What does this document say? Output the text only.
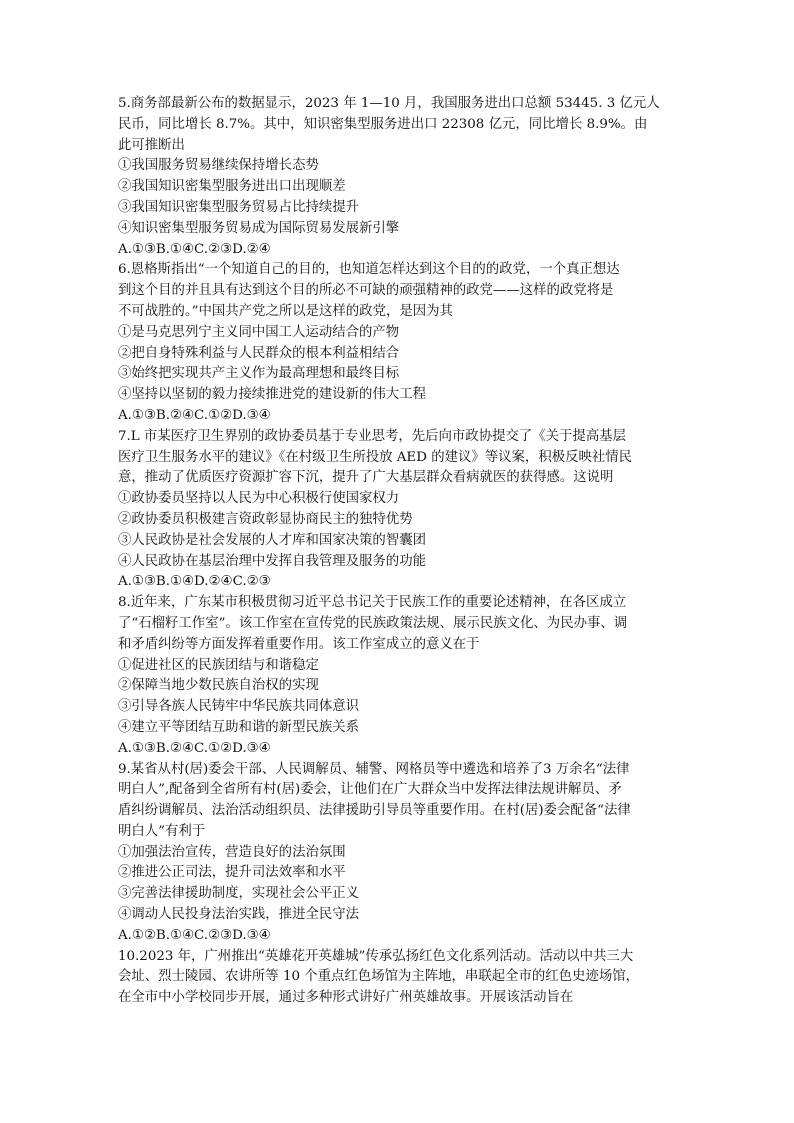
5.商务部最新公布的数据显示，2023 年 1—10 月，我国服务进出口总额 53445. 3 亿元人
民币，同比增长 8.7%。其中，知识密集型服务进出口 22308 亿元，同比增长 8.9%。由
此可推断出
①我国服务贸易继续保持增长态势
②我国知识密集型服务进出口出现顺差
③我国知识密集型服务贸易占比持续提升
④知识密集型服务贸易成为国际贸易发展新引擎
A.①③B.①④C.②③D.②④
6.恩格斯指出“一个知道自己的目的，也知道怎样达到这个目的的政党，一个真正想达
到这个目的并且具有达到这个目的所必不可缺的顽强精神的政党——这样的政党将是
不可战胜的。”中国共产党之所以是这样的政党，是因为其
①是马克思列宁主义同中国工人运动结合的产物
②把自身特殊利益与人民群众的根本利益相结合
③始终把实现共产主义作为最高理想和最终目标
④坚持以坚韧的毅力接续推进党的建设新的伟大工程
A.①③B.②④C.①②D.③④
7.L 市某医疗卫生界别的政协委员基于专业思考，先后向市政协提交了《关于提高基层
医疗卫生服务水平的建议》《在村级卫生所投放 AED 的建议》等议案，积极反映社情民
意，推动了优质医疗资源扩容下沉，提升了广大基层群众看病就医的获得感。这说明
①政协委员坚持以人民为中心积极行使国家权力
②政协委员积极建言资政彰显协商民主的独特优势
③人民政协是社会发展的人才库和国家决策的智囊团
④人民政协在基层治理中发挥自我管理及服务的功能
A.①③B.①④D.②④C.②③
8.近年来，广东某市积极贯彻习近平总书记关于民族工作的重要论述精神，在各区成立
了“石榴籽工作室”。该工作室在宣传党的民族政策法规、展示民族文化、为民办事、调
和矛盾纠纷等方面发挥着重要作用。该工作室成立的意义在于
①促进社区的民族团结与和谐稳定
②保障当地少数民族自治权的实现
③引导各族人民铸牢中华民族共同体意识
④建立平等团结互助和谐的新型民族关系
A.①③B.②④C.①②D.③④
9.某省从村(居)委会干部、人民调解员、辅警、网格员等中遴选和培养了3 万余名“法律
明白人”,配备到全省所有村(居)委会，让他们在广大群众当中发挥法律法规讲解员、矛
盾纠纷调解员、法治活动组织员、法律援助引导员等重要作用。在村(居)委会配备“法律
明白人”有利于
①加强法治宣传，营造良好的法治氛围
②推进公正司法，提升司法效率和水平
③完善法律援助制度，实现社会公平正义
④调动人民投身法治实践，推进全民守法
A.①②B.①④C.②③D.③④
10.2023 年，广州推出“英雄花开英雄城”传承弘扬红色文化系列活动。活动以中共三大
会址、烈士陵园、农讲所等 10 个重点红色场馆为主阵地，串联起全市的红色史迹场馆，
在全市中小学校同步开展，通过多种形式讲好广州英雄故事。开展该活动旨在
